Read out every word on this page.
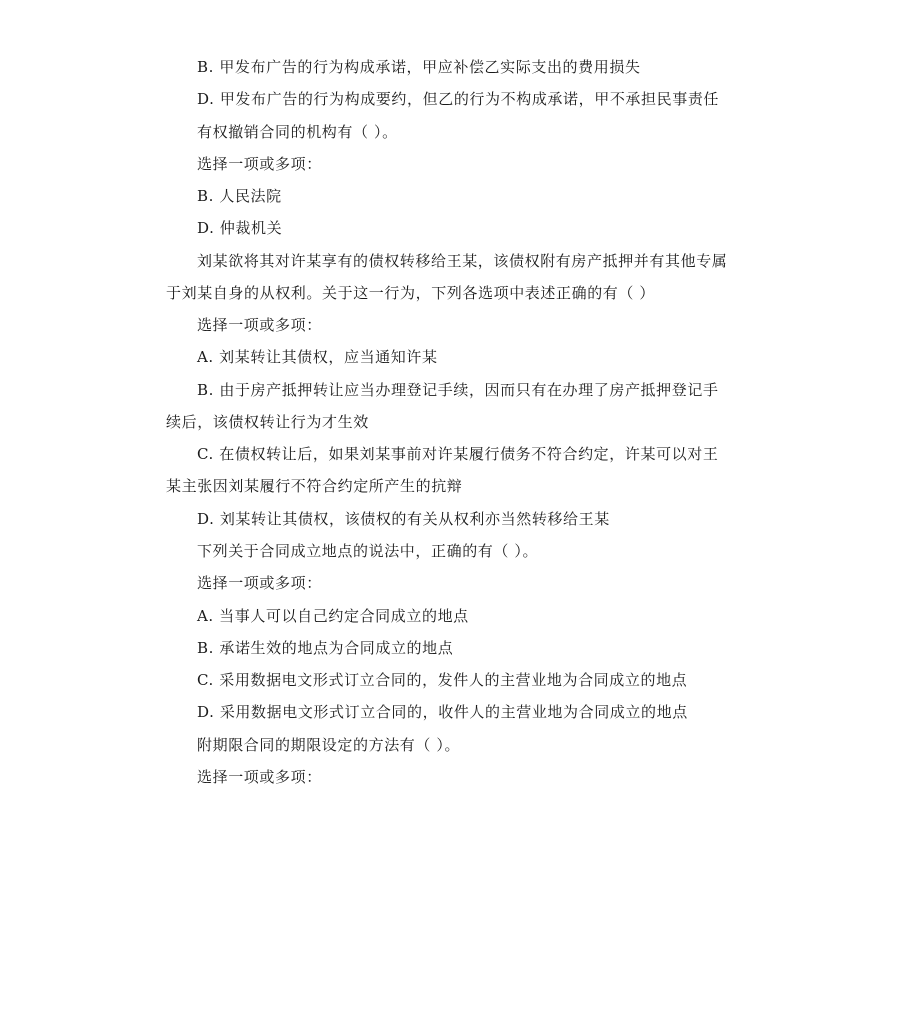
B. 甲发布广告的行为构成承诺，甲应补偿乙实际支出的费用损失
D. 甲发布广告的行为构成要约，但乙的行为不构成承诺，甲不承担民事责任
有权撤销合同的机构有（ ）。
选择一项或多项：
B. 人民法院
D. 仲裁机关
刘某欲将其对许某享有的债权转移给王某，该债权附有房产抵押并有其他专属
于刘某自身的从权利。关于这一行为，下列各选项中表述正确的有（ ）
选择一项或多项：
A. 刘某转让其债权，应当通知许某
B. 由于房产抵押转让应当办理登记手续，因而只有在办理了房产抵押登记手
续后，该债权转让行为才生效
C. 在债权转让后，如果刘某事前对许某履行债务不符合约定，许某可以对王
某主张因刘某履行不符合约定所产生的抗辩
D. 刘某转让其债权，该债权的有关从权利亦当然转移给王某
下列关于合同成立地点的说法中，正确的有（ ）。
选择一项或多项：
A. 当事人可以自己约定合同成立的地点
B. 承诺生效的地点为合同成立的地点
C. 采用数据电文形式订立合同的，发件人的主营业地为合同成立的地点
D. 采用数据电文形式订立合同的，收件人的主营业地为合同成立的地点
附期限合同的期限设定的方法有（ ）。
选择一项或多项：
